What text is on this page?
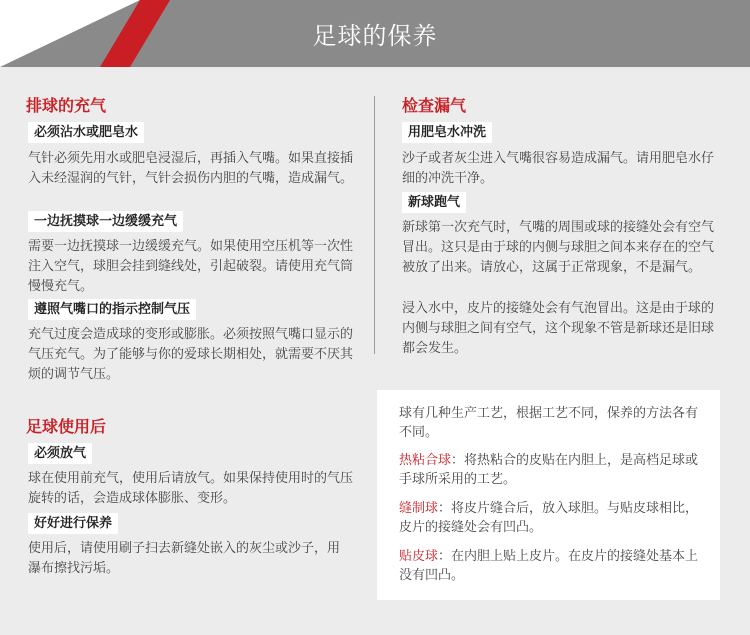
足球的保养
排球的充气
必须沾水或肥皂水

气针必须先用水或肥皂浸湿后，再插入气嘴。如果直接插入未经湿润的气针，气针会损伤内胆的气嘴，造成漏气。

一边抚摸球一边缓缓充气

需要一边抚摸球一边缓缓充气。如果使用空压机等一次性注入空气，球胆会挂到缝线处，引起破裂。请使用充气筒慢慢充气。

遵照气嘴口的指示控制气压

充气过度会造成球的变形或膨胀。必须按照气嘴口显示的气压充气。为了能够与你的爱球长期相处，就需要不厌其烦的调节气压。

检查漏气
用肥皂水冲洗

沙子或者灰尘进入气嘴很容易造成漏气。请用肥皂水仔细的冲洗干净。

新球跑气

新球第一次充气时，气嘴的周围或球的接缝处会有空气冒出。这只是由于球的内侧与球胆之间本来存在的空气被放了出来。请放心，这属于正常现象，不是漏气。

浸入水中，皮片的接缝处会有气泡冒出。这是由于球的内侧与球胆之间有空气，这个现象不管是新球还是旧球都会发生。

足球使用后
必须放气

球在使用前充气，使用后请放气。如果保持使用时的气压旋转的话，会造成球体膨胀、变形。

好好进行保养

使用后，请使用刷子扫去新缝处嵌入的灰尘或沙子，用瀑布擦找污垢。

球有几种生产工艺，根据工艺不同，保养的方法各有不同。

热粘合球：将热粘合的皮贴在内胆上，是高档足球或手球所采用的工艺。

缝制球：将皮片缝合后，放入球胆。与贴皮球相比，皮片的接缝处会有凹凸。

贴皮球：在内胆上贴上皮片。在皮片的接缝处基本上没有凹凸。
